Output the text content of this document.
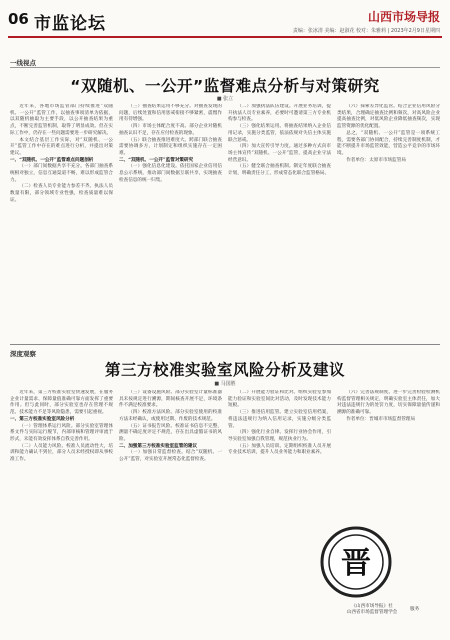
06 市监论坛	山西市场导报
责编：张冰清 美编：赵淑花 校对：朱雅莉 | 2023年2月9日星期四
一线视点
“双随机、一公开”监督难点分析与对策研究
■ 张立

近年来，各地市场监管部门持续推进“双随机、一公开”监管工作，以抽查事项清单为依据，以双随机抽取为主要手段，以公开抽查结果为重点，不断完善监管机制，取得了明显成效。但在实际工作中，仍存在一些问题需要进一步研究解决。

本文结合基层工作实际，对“双随机、一公开”监管工作中存在的难点进行分析，并提出对策建议。

一、“双随机、一公开”监管难点问题剖析

（一）部门间数据共享不充分。各部门抽查系统相对独立，信息互通渠道不畅，难以形成监管合力。

（二）检查人员专业能力参差不齐。执法人员数量有限，部分领域专业性强，检查质量难以保证。

（三）抽查结果运用不够充分。对抽查发现的问题，后续处置和信用惩戒衔接不够紧密，震慑作用有待增强。

（四）市场主体配合度不高。部分企业对随机抽查认识不足，存在应付检查的现象。

（五）联合抽查推进难度大。跨部门联合抽查需要协调多方，计划制定和组织实施存在一定困难。

二、“双随机、一公开”监管对策研究

（一）强化信息化建设。依托国家企业信用信息公示系统，推动部门间数据互联共享，实现抽查检查信息的统一归集。

（二）加强执法队伍建设。开展业务培训，提升执法人员专业素养，必要时可邀请第三方专业机构参与检查。

（三）强化结果运用。将抽查结果纳入企业信用记录，实施分类监管，依法依规对失信主体实施联合惩戒。

（四）加大宣传引导力度。通过多种方式向市场主体宣传“双随机、一公开”监管，提高企业守法经营意识。

（五）健全联合抽查机制。制定年度联合抽查计划，明确责任分工，形成常态化联合监管格局。

（六）探索差异化监管。结合企业信用风险分类结果，合理确定抽查比例和频次，对高风险企业提高抽查比例，对低风险企业降低抽查频次，实现监管资源的优化配置。

总之，“双随机、一公开”监管是一项系统工程，需要各部门协同配合，持续完善制度机制，才能不断提升市场监管效能，营造公平竞争的市场环境。

作者单位：太原市市场监管局

深度观察
第三方校准实验室风险分析及建议
■ 马国胜

近年来，第三方校准实验室快速发展，在服务企业计量需求、保障量值准确可靠方面发挥了重要作用。但与此同时，部分实验室也存在管理不规范、技术能力不足等风险隐患，需要引起重视。

一、第三方校准实验室风险分析

（一）管理体系运行风险。部分实验室管理体系文件与实际运行脱节，内部审核和管理评审流于形式，未能有效发挥体系自我完善作用。

（二）人员能力风险。校准人员流动性大，培训和能力确认不到位，部分人员未经授权即从事校准工作。

（三）设备设施风险。部分实验室计量标准器具未按规定进行溯源，期间核查开展不足，环境条件不满足校准要求。

（四）校准方法风险。部分实验室使用的校准方法未经确认，或使用过期、作废的技术规范。

（五）证书报告风险。校准证书信息不完整，测量不确定度评定不规范，存在出具虚假证书的风险。

二、加强第三方校准实验室监管的建议

（一）加强日常监督检查。结合“双随机、一公开”监管，对实验室开展常态化监督检查。

（二）开展能力验证和比对。组织实验室参加能力验证和实验室间比对活动，及时发现技术能力短板。

（三）推进信用监管。建立实验室信用档案，将违法违规行为纳入信用记录，实施分级分类监管。

（四）强化行业自律。发挥行业协会作用，引导实验室加强自我管理，规范执业行为。

（五）加强人员培训。定期组织校准人员开展专业技术培训，提升人员业务能力和职业素养。

（六）完善法规制度。进一步完善检验检测机构监督管理相关规定，明确实验室主体责任，加大对违法违规行为的处罚力度，切实保障量值传递和溯源的准确可靠。

作者单位：晋城市市场监督管理局

晋
《山西市场导报》社
山西省市场监督管理学会
服务
